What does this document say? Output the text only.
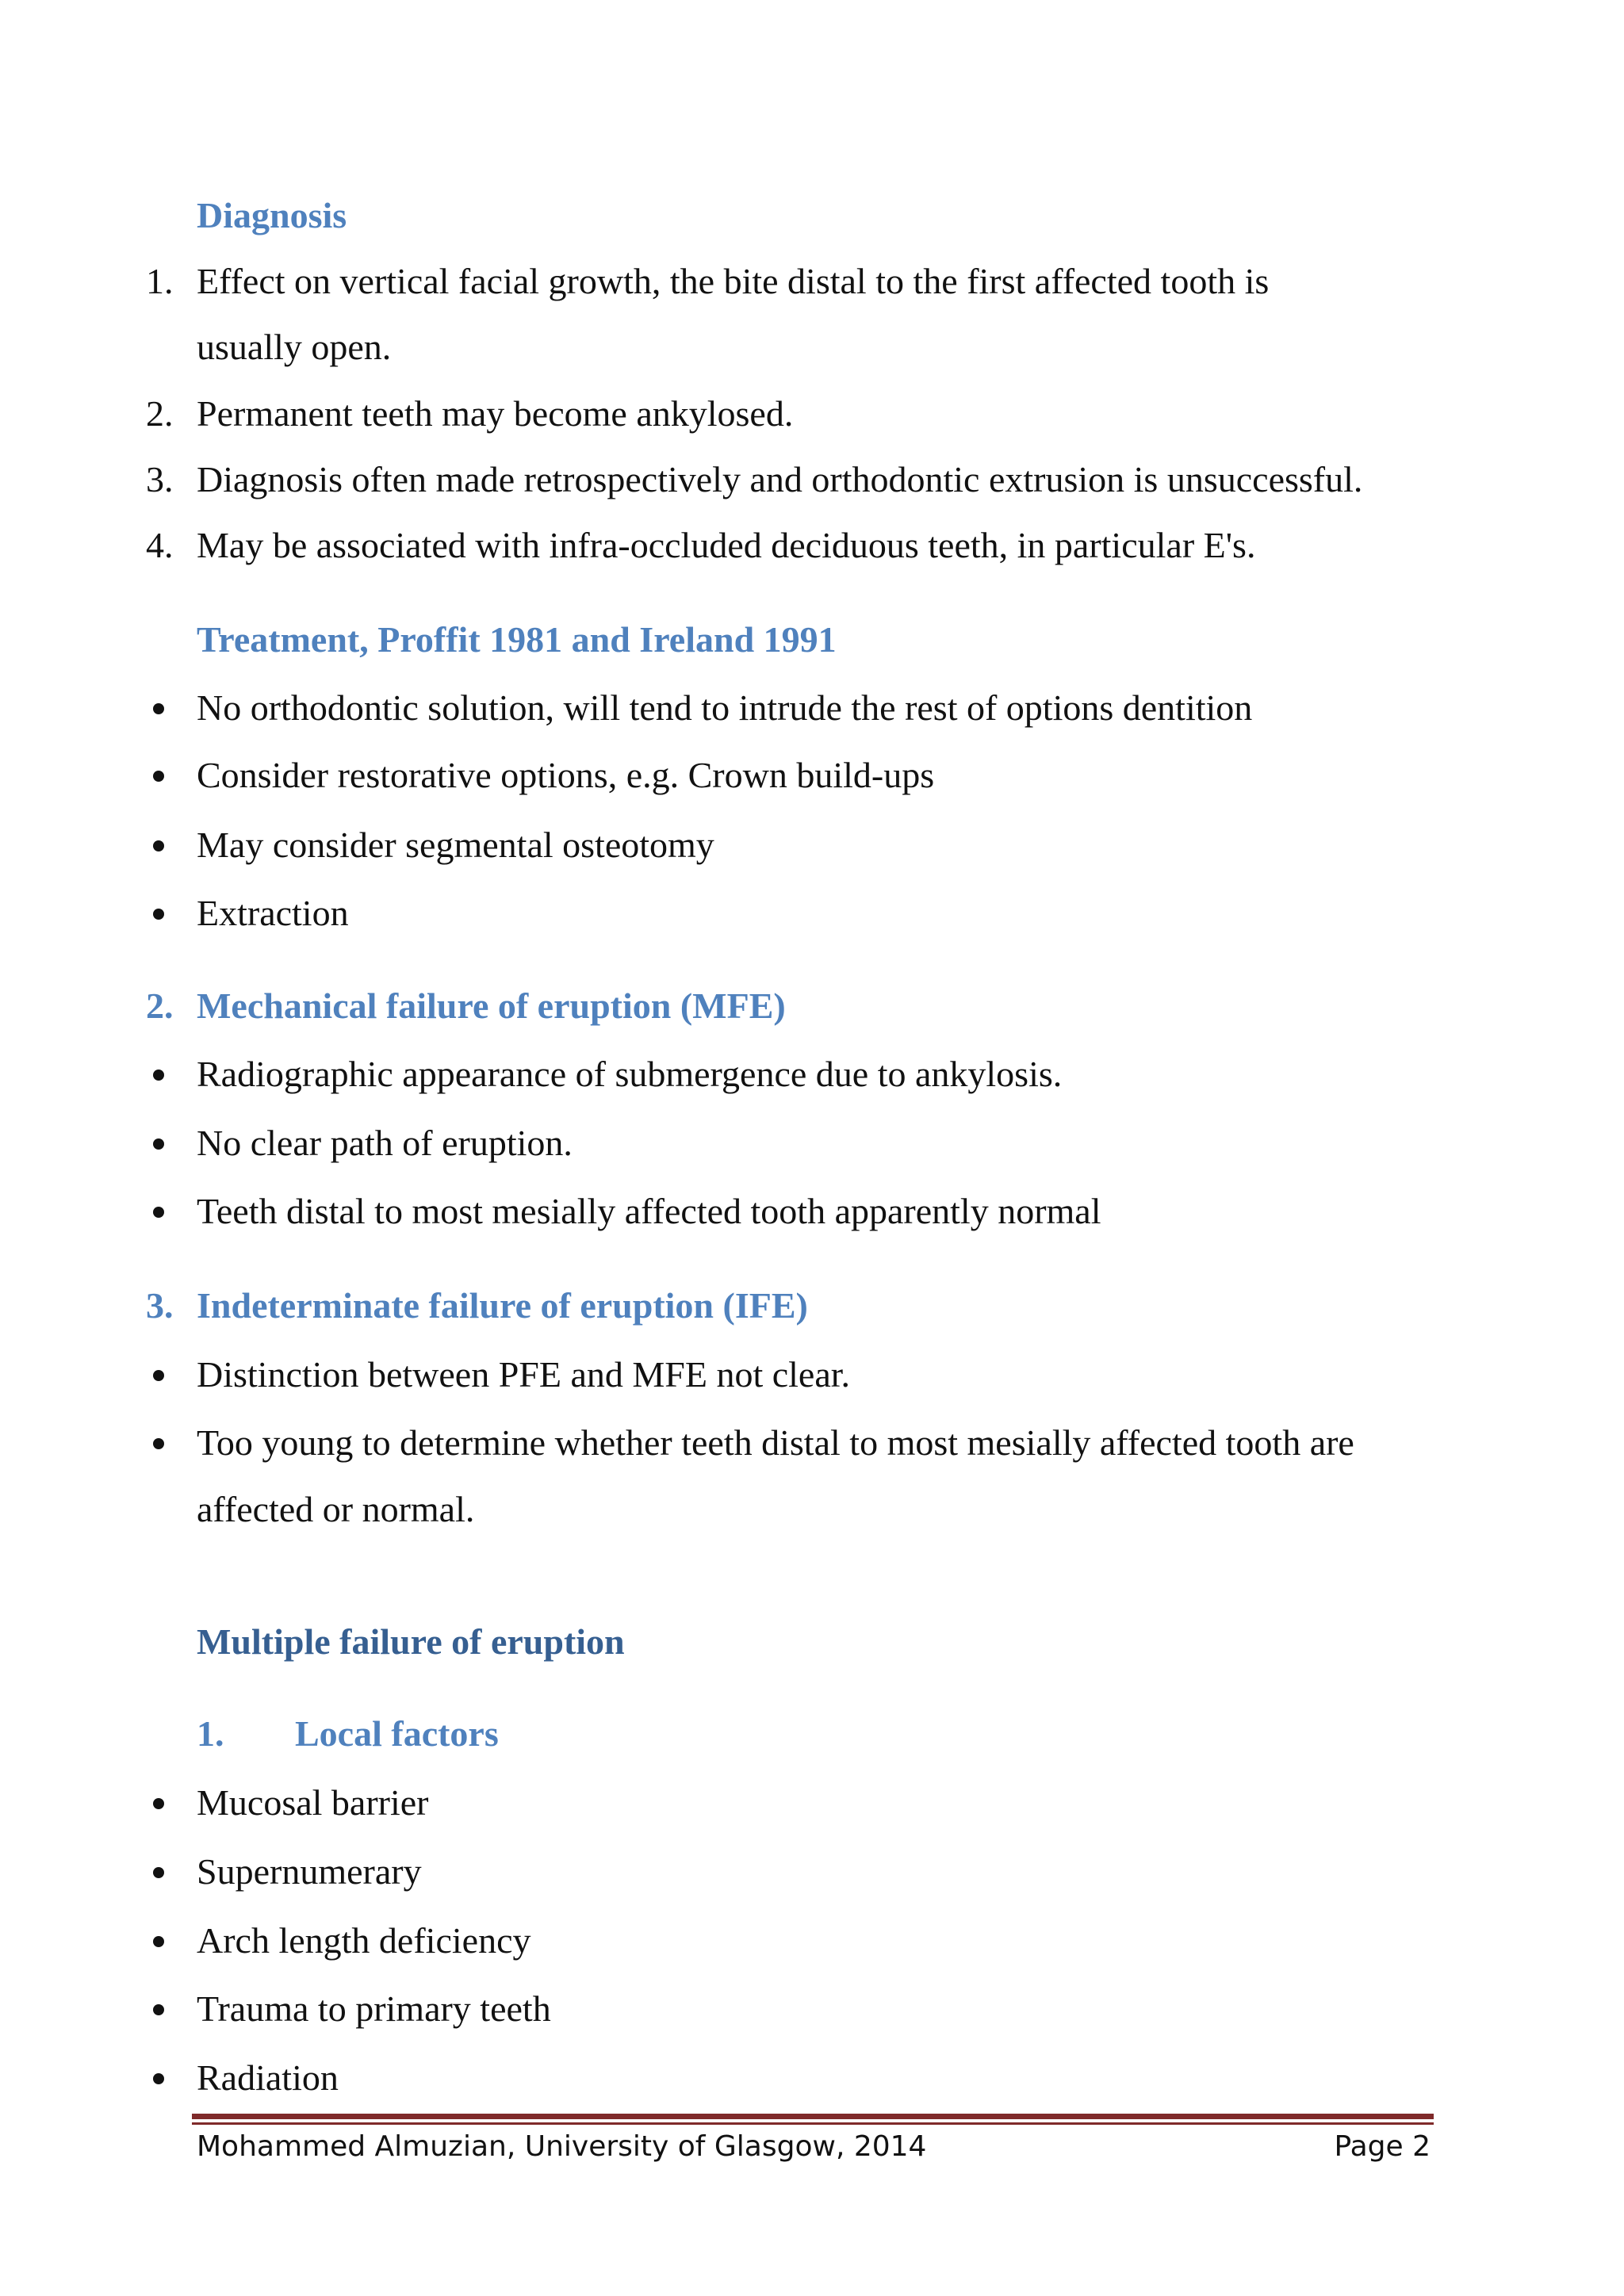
Diagnosis
1. Effect on vertical facial growth, the bite distal to the first affected tooth is
usually open.
2. Permanent teeth may become ankylosed.
3. Diagnosis often made retrospectively and orthodontic extrusion is unsuccessful.
4. May be associated with infra-occluded deciduous teeth, in particular E's.
Treatment, Proffit 1981 and Ireland 1991
No orthodontic solution, will tend to intrude the rest of options dentition
Consider restorative options, e.g. Crown build-ups
May consider segmental osteotomy
Extraction
2. Mechanical failure of eruption (MFE)
Radiographic appearance of submergence due to ankylosis.
No clear path of eruption.
Teeth distal to most mesially affected tooth apparently normal
3. Indeterminate failure of eruption (IFE)
Distinction between PFE and MFE not clear.
Too young to determine whether teeth distal to most mesially affected tooth are
affected or normal.
Multiple failure of eruption
1. Local factors
Mucosal barrier
Supernumerary
Arch length deficiency
Trauma to primary teeth
Radiation
Mohammed Almuzian, University of Glasgow, 2014	Page 2
